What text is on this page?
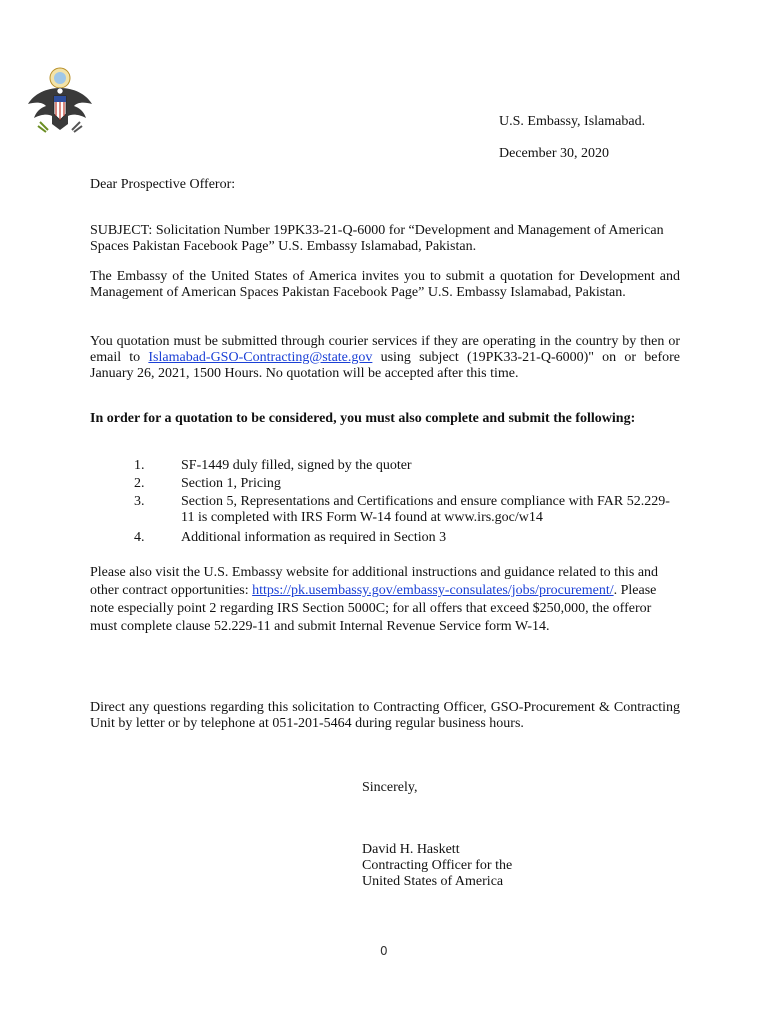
U.S. Embassy, Islamabad.
December 30, 2020
Dear Prospective Offeror:

SUBJECT: Solicitation Number 19PK33-21-Q-6000 for “Development and Management of American Spaces Pakistan Facebook Page” U.S. Embassy Islamabad, Pakistan.

The Embassy of the United States of America invites you to submit a quotation for Development and Management of American Spaces Pakistan Facebook Page” U.S. Embassy Islamabad, Pakistan.

You quotation must be submitted through courier services if they are operating in the country by then or email to Islamabad-GSO-Contracting@state.gov using subject (19PK33-21-Q-6000)" on or before January 26, 2021, 1500 Hours. No quotation will be accepted after this time.

In order for a quotation to be considered, you must also complete and submit the following:

1.	SF-1449 duly filled, signed by the quoter
2.	Section 1, Pricing
3.	Section 5, Representations and Certifications and ensure compliance with FAR 52.229-11 is completed with IRS Form W-14 found at www.irs.goc/w14
4.	Additional information as required in Section 3

Please also visit the U.S. Embassy website for additional instructions and guidance related to this and other contract opportunities: https://pk.usembassy.gov/embassy-consulates/jobs/procurement/. Please note especially point 2 regarding IRS Section 5000C; for all offers that exceed $250,000, the offeror must complete clause 52.229-11 and submit Internal Revenue Service form W-14.

Direct any questions regarding this solicitation to Contracting Officer, GSO-Procurement & Contracting Unit by letter or by telephone at 051-201-5464 during regular business hours.

Sincerely,
David H. Haskett
Contracting Officer for the
United States of America
0
